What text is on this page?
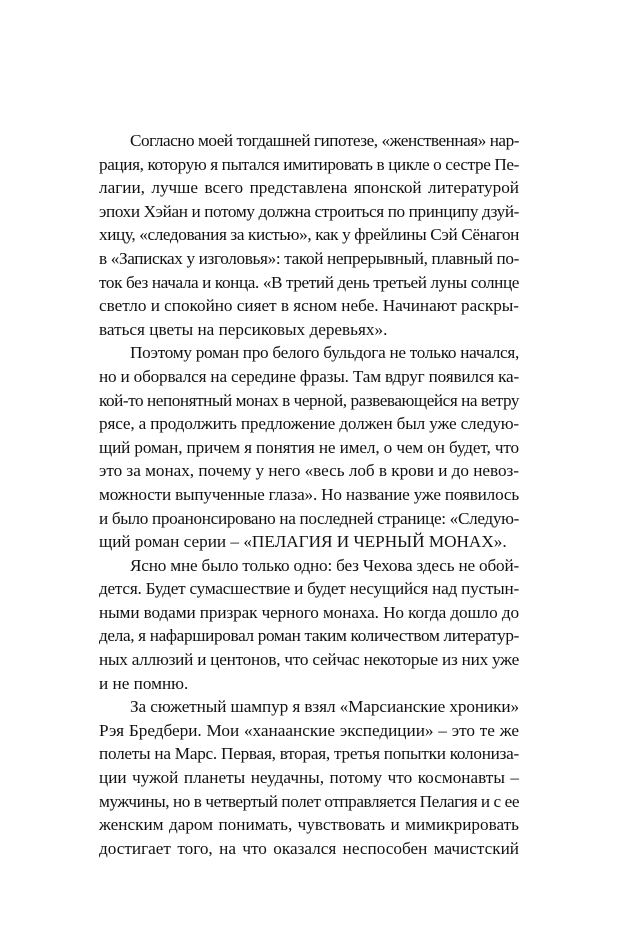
Согласно моей тогдашней гипотезе, «женственная» нар-
рация, которую я пытался имитировать в цикле о сестре Пе-
лагии, лучше всего представлена японской литературой
эпохи Хэйан и потому должна строиться по принципу дзуй-
хицу, «следования за кистью», как у фрейлины Сэй Сёнагон
в «Записках у изголовья»: такой непрерывный, плавный по-
ток без начала и конца. «В третий день третьей луны солнце
светло и спокойно сияет в ясном небе. Начинают раскры-
ваться цветы на персиковых деревьях».

Поэтому роман про белого бульдога не только начался,
но и оборвался на середине фразы. Там вдруг появился ка-
кой-то непонятный монах в черной, развевающейся на ветру
рясе, а продолжить предложение должен был уже следую-
щий роман, причем я понятия не имел, о чем он будет, что
это за монах, почему у него «весь лоб в крови и до невоз-
можности выпученные глаза». Но название уже появилось
и было проанонсировано на последней странице: «Следую-
щий роман серии – «ПЕЛАГИЯ И ЧЕРНЫЙ МОНАХ».

Ясно мне было только одно: без Чехова здесь не обой-
дется. Будет сумасшествие и будет несущийся над пустын-
ными водами призрак черного монаха. Но когда дошло до
дела, я нафаршировал роман таким количеством литератур-
ных аллюзий и центонов, что сейчас некоторые из них уже
и не помню.

За сюжетный шампур я взял «Марсианские хроники»
Рэя Бредбери. Мои «ханаанские экспедиции» – это те же
полеты на Марс. Первая, вторая, третья попытки колониза-
ции чужой планеты неудачны, потому что космонавты –
мужчины, но в четвертый полет отправляется Пелагия и с ее
женским даром понимать, чувствовать и мимикрировать
достигает того, на что оказался неспособен мачистский
